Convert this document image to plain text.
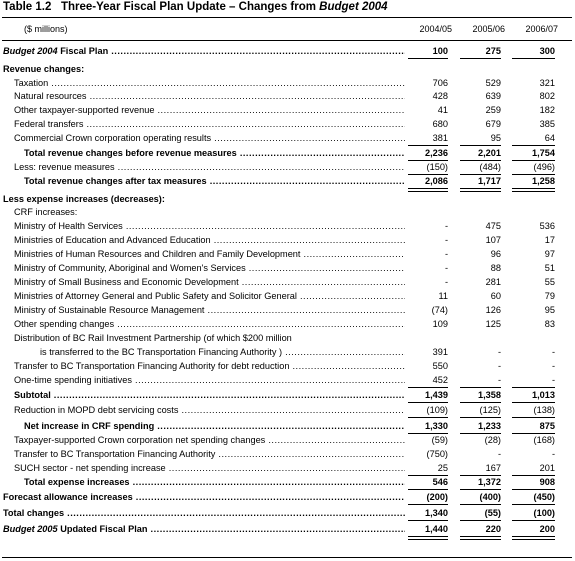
Table 1.2 Three-Year Fiscal Plan Update – Changes from Budget 2004
($ millions)	2004/05	2005/06	2006/07
Budget 2004 Fiscal Plan .....	100	275	300
Revenue changes:
Taxation .....	706	529	321
Natural resources .....	428	639	802
Other taxpayer-supported revenue .....	41	259	182
Federal transfers .....	680	679	385
Commercial Crown corporation operating results .....	381	95	64
Total revenue changes before revenue measures .....	2,236	2,201	1,754
Less: revenue measures .....	(150)	(484)	(496)
Total revenue changes after tax measures .....	2,086	1,717	1,258
Less expense increases (decreases):
CRF increases:
Ministry of Health Services .....	-	475	536
Ministries of Education and Advanced Education .....	-	107	17
Ministries of Human Resources and Children and Family Development .....	-	96	97
Ministry of Community, Aboriginal and Women's Services .....	-	88	51
Ministry of Small Business and Economic Development .....	-	281	55
Ministries of Attorney General and Public Safety and Solicitor General .....	11	60	79
Ministry of Sustainable Resource Management .....	(74)	126	95
Other spending changes .....	109	125	83
Distribution of BC Rail Investment Partnership (of which $200 million
is transferred to the BC Transportation Financing Authority ) .....	391	-	-
Transfer to BC Transportation Financing Authority for debt reduction .....	550	-	-
One-time spending initiatives .....	452	-	-
Subtotal .....	1,439	1,358	1,013
Reduction in MOPD debt servicing costs .....	(109)	(125)	(138)
Net increase in CRF spending .....	1,330	1,233	875
Taxpayer-supported Crown corporation net spending changes .....	(59)	(28)	(168)
Transfer to BC Transportation Financing Authority .....	(750)	-	-
SUCH sector - net spending increase .....	25	167	201
Total expense increases .....	546	1,372	908
Forecast allowance increases .....	(200)	(400)	(450)
Total changes .....	1,340	(55)	(100)
Budget 2005 Updated Fiscal Plan .....	1,440	220	200
